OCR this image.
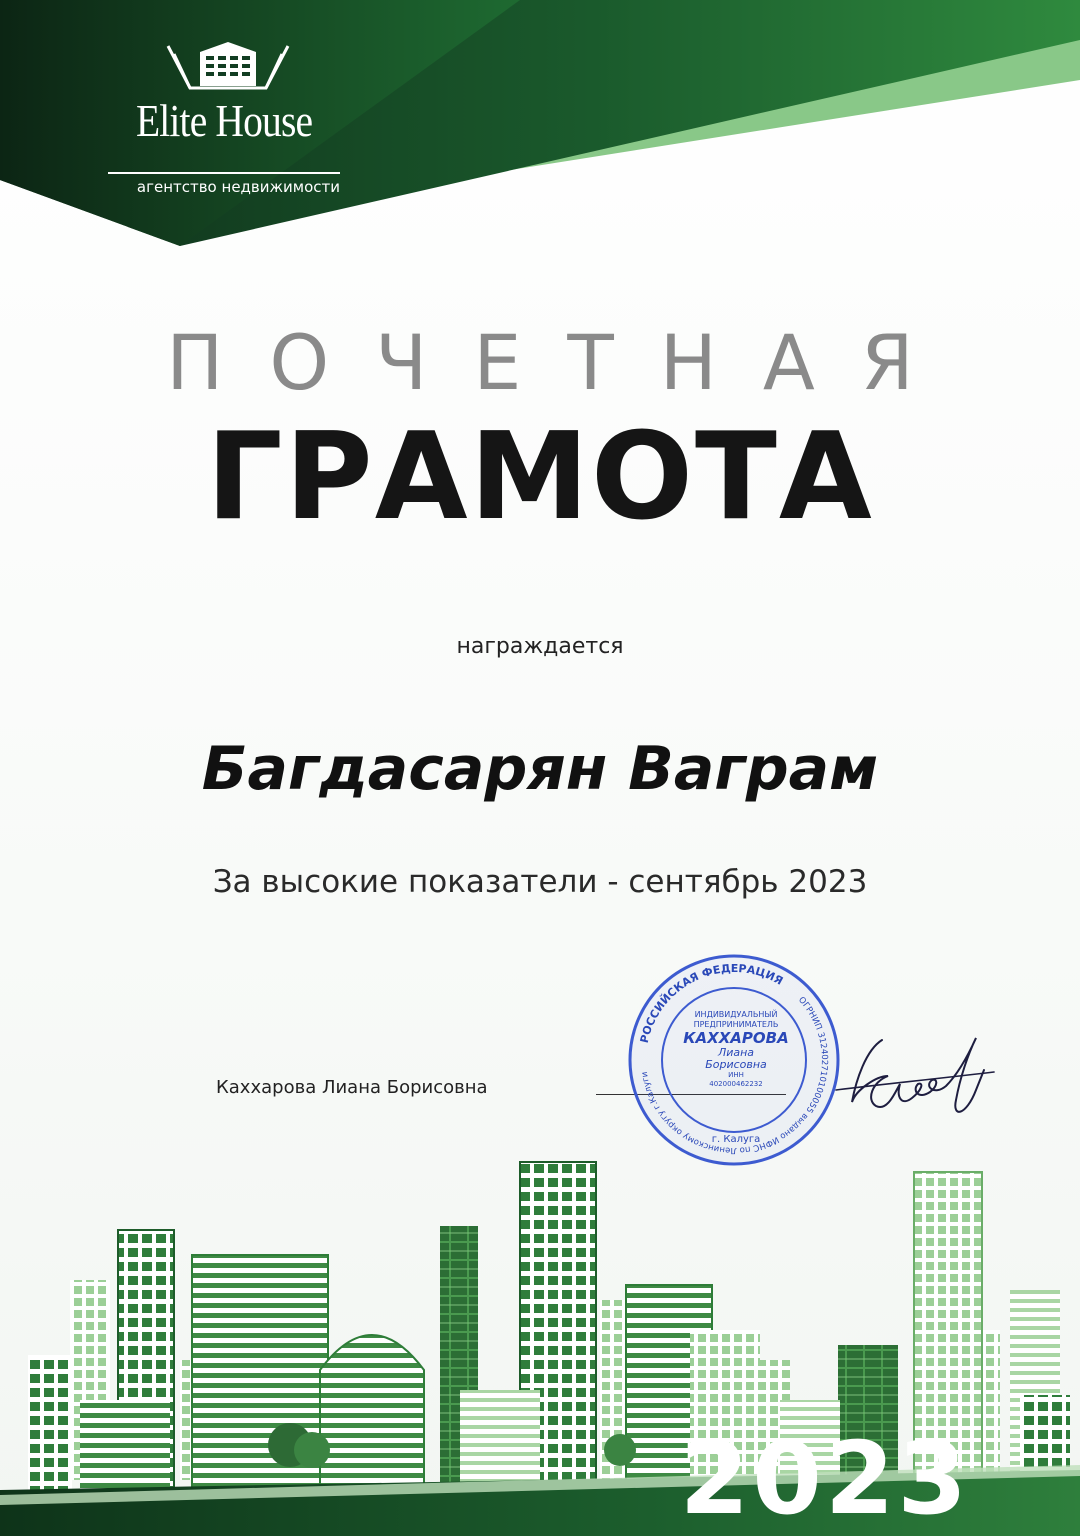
Elite House
агентство недвижимости
ПОЧЕТНАЯ
ГРАМОТА
награждается
Багдасарян Ваграм
За высокие показатели - сентябрь 2023
Каххарова Лиана Борисовна
РОССИЙСКАЯ ФЕДЕРАЦИЯ
ОГРНИП 312402710100055 выдано ИФНС по Ленинскому округу г.Калуги
ИНДИВИДУАЛЬНЫЙ
ПРЕДПРИНИМАТЕЛЬ
КАХХАРОВА
Лиана
Борисовна
ИНН
402000462232
г. Калуга
2023
